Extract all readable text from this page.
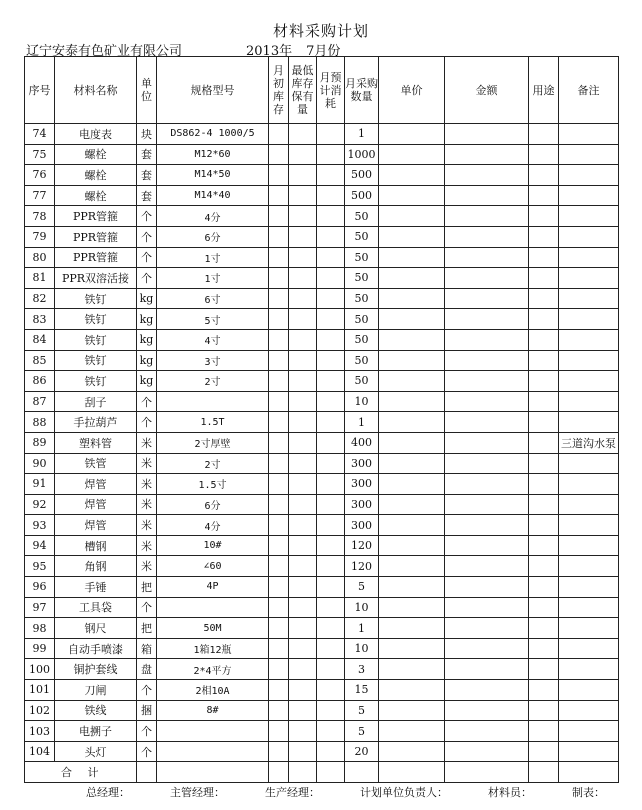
材料采购计划
辽宁安泰有色矿业有限公司	2013年 7月份
序号	材料名称	单位	规格型号	月初库存	最低库存保有量	月预计消耗	月采购数量	单价	金额	用途	备注
74	电度表	块	DS862-4 1000/5				1				
75	螺栓	套	M12*60				1000				
76	螺栓	套	M14*50				500				
77	螺栓	套	M14*40				500				
78	PPR管箍	个	4分				50				
79	PPR管箍	个	6分				50				
80	PPR管箍	个	1寸				50				
81	PPR双溶活接	个	1寸				50				
82	铁钉	kg	6寸				50				
83	铁钉	kg	5寸				50				
84	铁钉	kg	4寸				50				
85	铁钉	kg	3寸				50				
86	铁钉	kg	2寸				50				
87	刮子	个					10				
88	手拉葫芦	个	1.5T				1				
89	塑料管	米	2寸厚壁				400				三道沟水泵
90	铁管	米	2寸				300				
91	焊管	米	1.5寸				300				
92	焊管	米	6分				300				
93	焊管	米	4分				300				
94	槽钢	米	10#				120				
95	角钢	米	∠60				120				
96	手锤	把	4P				5				
97	工具袋	个					10				
98	钢尺	把	50M				1				
99	自动手喷漆	箱	1箱12瓶				10				
100	铜护套线	盘	2*4平方				3				
101	刀闸	个	2相10A				15				
102	铁线	捆	8#				5				
103	电搠子	个					5				
104	头灯	个					20				
合 计											
总经理：	主管经理：	生产经理：	计划单位负责人：	材料员：	制表：
